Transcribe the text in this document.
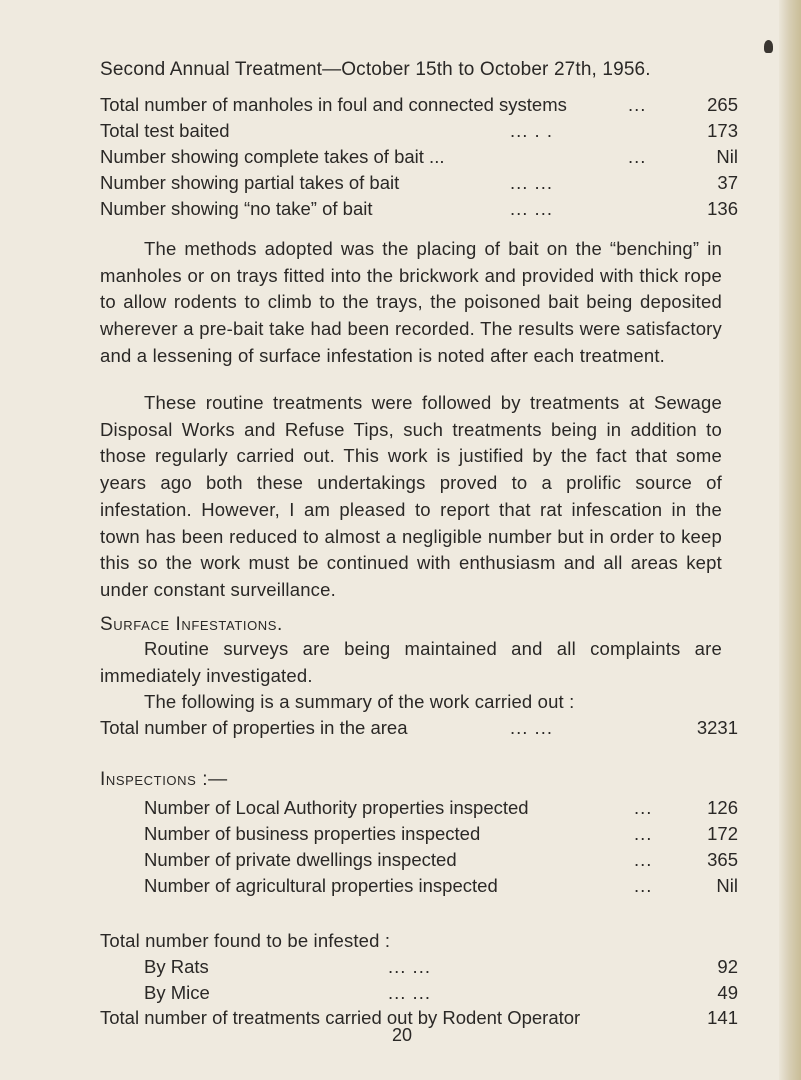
Second Annual Treatment—October 15th to October 27th, 1956.
Total number of manholes in foul and connected systems	...	265
Total test baited	... . .	173
Number showing complete takes of bait ...	...	Nil
Number showing partial takes of bait	... ...	37
Number showing “no take” of bait	... ...	136
The methods adopted was the placing of bait on the “benching” in manholes or on trays fitted into the brickwork and provided with thick rope to allow rodents to climb to the trays, the poisoned bait being deposited wherever a pre-bait take had been recorded. The results were satisfactory and a lessening of surface infestation is noted after each treatment.
These routine treatments were followed by treatments at Sewage Disposal Works and Refuse Tips, such treatments being in addition to those regularly carried out. This work is justified by the fact that some years ago both these undertakings proved to a prolific source of infestation. However, I am pleased to report that rat infescation in the town has been reduced to almost a negligible number but in order to keep this so the work must be continued with enthusiasm and all areas kept under constant surveillance.
Surface Infestations.
Routine surveys are being maintained and all complaints are immediately investigated.
The following is a summary of the work carried out :
Total number of properties in the area	... ...	3231
Inspections :—
Number of Local Authority properties inspected	...	126
Number of business properties inspected	...	172
Number of private dwellings inspected	...	365
Number of agricultural properties inspected	...	Nil
Total number found to be infested :
By Rats	... ...	92
By Mice	... ...	49
Total number of treatments carried out by Rodent Operator	141
20
